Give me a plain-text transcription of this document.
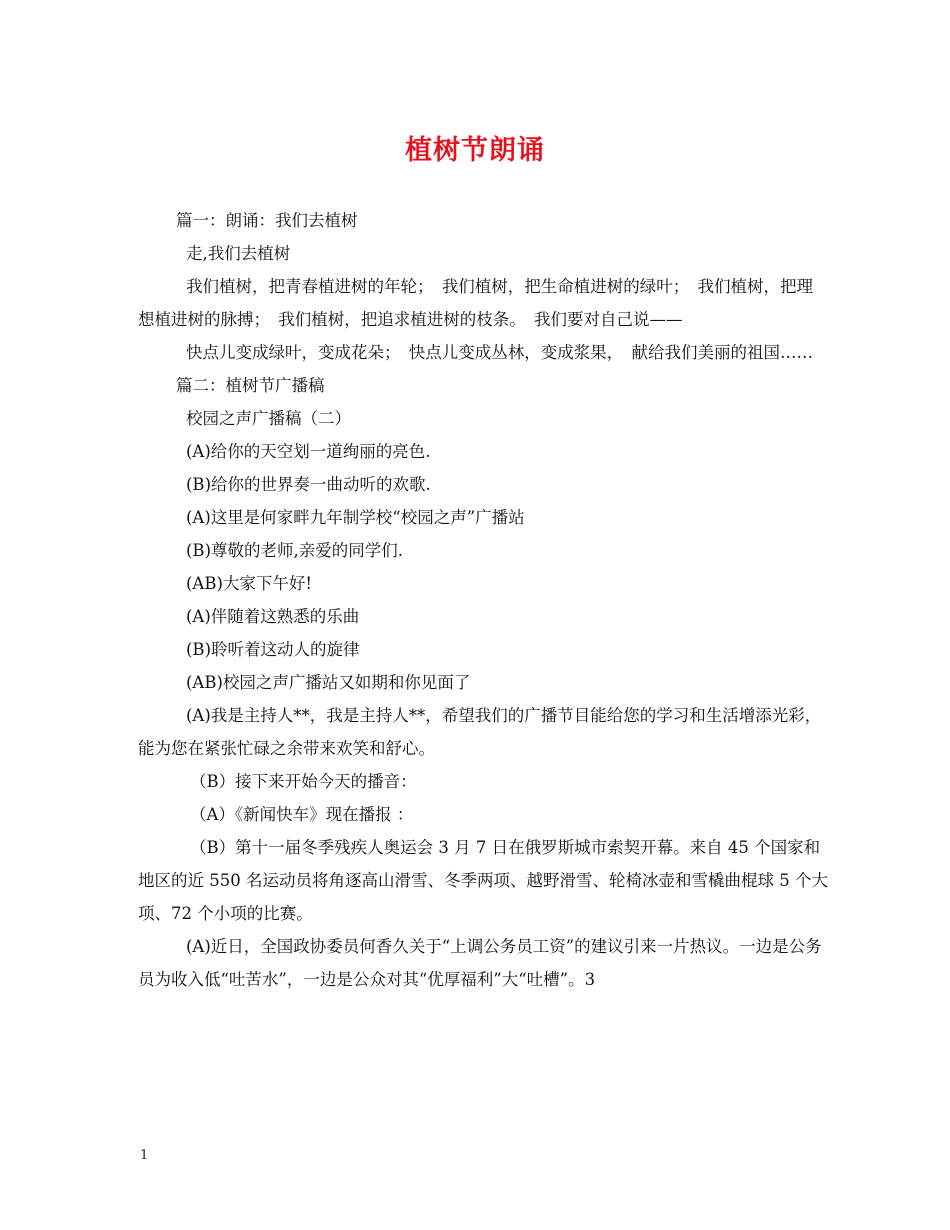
植树节朗诵

篇一：朗诵：我们去植树

走,我们去植树

我们植树，把青春植进树的年轮；　我们植树，把生命植进树的绿叶；　我们植树，把理想植进树的脉搏；　我们植树，把追求植进树的枝条。　我们要对自己说——

快点儿变成绿叶，变成花朵；　快点儿变成丛林，变成浆果，　献给我们美丽的祖国……

篇二：植树节广播稿

校园之声广播稿（二）

(A)给你的天空划一道绚丽的亮色.

(B)给你的世界奏一曲动听的欢歌.

(A)这里是何家畔九年制学校“校园之声”广播站

(B)尊敬的老师,亲爱的同学们.

(AB)大家下午好!

(A)伴随着这熟悉的乐曲

(B)聆听着这动人的旋律

(AB)校园之声广播站又如期和你见面了

(A)我是主持人**，我是主持人**，希望我们的广播节目能给您的学习和生活增添光彩，能为您在紧张忙碌之余带来欢笑和舒心。

（B）接下来开始今天的播音：

（A）《新闻快车》现在播报 ：

（B）第十一届冬季残疾人奥运会 3 月 7 日在俄罗斯城市索契开幕。来自 45 个国家和地区的近 550 名运动员将角逐高山滑雪、冬季两项、越野滑雪、轮椅冰壶和雪橇曲棍球 5 个大项、72 个小项的比赛。

(A)近日，全国政协委员何香久关于“上调公务员工资”的建议引来一片热议。一边是公务员为收入低“吐苦水”，一边是公众对其“优厚福利”大“吐槽”。3

1
